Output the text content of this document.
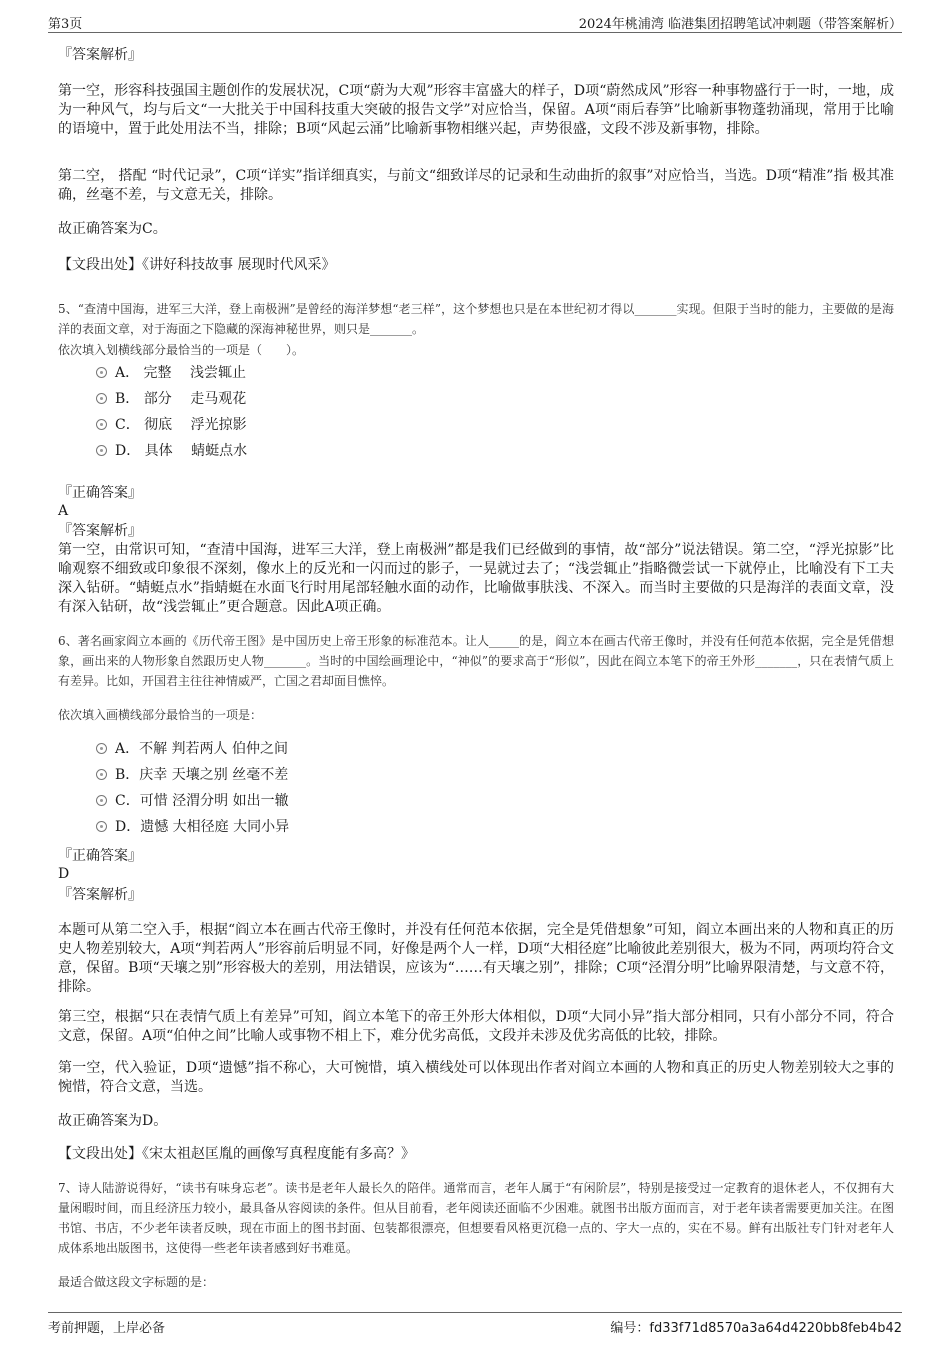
第3页	2024年桃浦湾 临港集团招聘笔试冲刺题（带答案解析）

『答案解析』

第一空，形容科技强国主题创作的发展状况，C项“蔚为大观”形容丰富盛大的样子，D项“蔚然成风”形容一种事物盛行于一时，一地，成为一种风气，均与后文“一大批关于中国科技重大突破的报告文学”对应恰当，保留。A项“雨后春笋”比喻新事物蓬勃涌现，常用于比喻的语境中，置于此处用法不当，排除；B项“风起云涌”比喻新事物相继兴起，声势很盛，文段不涉及新事物，排除。

第二空， 搭配 “时代记录”，C项“详实”指详细真实，与前文“细致详尽的记录和生动曲折的叙事”对应恰当，当选。D项“精准”指 极其准确，丝毫不差，与文意无关，排除。

故正确答案为C。

【文段出处】《讲好科技故事 展现时代风采》

5、“查清中国海，进军三大洋，登上南极洲”是曾经的海洋梦想“老三样”，这个梦想也只是在本世纪初才得以_______实现。但限于当时的能力，主要做的是海洋的表面文章，对于海面之下隐藏的深海神秘世界，则只是_______。

依次填入划横线部分最恰当的一项是（　　）。

A． 完整　 浅尝辄止
B． 部分　 走马观花
C． 彻底　 浮光掠影
D． 具体　 蜻蜓点水
『正确答案』
A
『答案解析』

第一空，由常识可知，“查清中国海，进军三大洋，登上南极洲”都是我们已经做到的事情，故“部分”说法错误。第二空，“浮光掠影”比喻观察不细致或印象很不深刻，像水上的反光和一闪而过的影子，一晃就过去了；“浅尝辄止”指略微尝试一下就停止，比喻没有下工夫深入钻研。“蜻蜓点水”指蜻蜓在水面飞行时用尾部轻触水面的动作，比喻做事肤浅、不深入。而当时主要做的只是海洋的表面文章，没有深入钻研，故“浅尝辄止”更合题意。因此A项正确。

6、著名画家阎立本画的《历代帝王图》是中国历史上帝王形象的标准范本。让人_____的是，阎立本在画古代帝王像时，并没有任何范本依据，完全是凭借想象，画出来的人物形象自然跟历史人物_______。当时的中国绘画理论中，“神似”的要求高于“形似”，因此在阎立本笔下的帝王外形_______，只在表情气质上有差异。比如，开国君主往往神情威严，亡国之君却面目憔悴。

依次填入画横线部分最恰当的一项是：

A．不解 判若两人 伯仲之间
B．庆幸 天壤之别 丝毫不差
C．可惜 泾渭分明 如出一辙
D．遗憾 大相径庭 大同小异
『正确答案』
D
『答案解析』

本题可从第二空入手，根据“阎立本在画古代帝王像时，并没有任何范本依据，完全是凭借想象”可知，阎立本画出来的人物和真正的历史人物差别较大，A项“判若两人”形容前后明显不同，好像是两个人一样，D项“大相径庭”比喻彼此差别很大，极为不同，两项均符合文意，保留。B项“天壤之别”形容极大的差别，用法错误，应该为“……有天壤之别”，排除；C项“泾渭分明”比喻界限清楚，与文意不符，排除。

第三空，根据“只在表情气质上有差异”可知，阎立本笔下的帝王外形大体相似，D项“大同小异”指大部分相同，只有小部分不同，符合文意，保留。A项“伯仲之间”比喻人或事物不相上下，难分优劣高低，文段并未涉及优劣高低的比较，排除。

第一空，代入验证，D项“遗憾”指不称心，大可惋惜，填入横线处可以体现出作者对阎立本画的人物和真正的历史人物差别较大之事的惋惜，符合文意，当选。

故正确答案为D。

【文段出处】《宋太祖赵匡胤的画像写真程度能有多高？》

7、诗人陆游说得好，“读书有味身忘老”。读书是老年人最长久的陪伴。通常而言，老年人属于“有闲阶层”，特别是接受过一定教育的退休老人，不仅拥有大量闲暇时间，而且经济压力较小，最具备从容阅读的条件。但从目前看，老年阅读还面临不少困难。就图书出版方面而言，对于老年读者需要更加关注。在图书馆、书店，不少老年读者反映，现在市面上的图书封面、包装都很漂亮，但想要看风格更沉稳一点的、字大一点的，实在不易。鲜有出版社专门针对老年人成体系地出版图书，这使得一些老年读者感到好书难觅。

最适合做这段文字标题的是：

考前押题，上岸必备	编号：fd33f71d8570a3a64d4220bb8feb4b42
